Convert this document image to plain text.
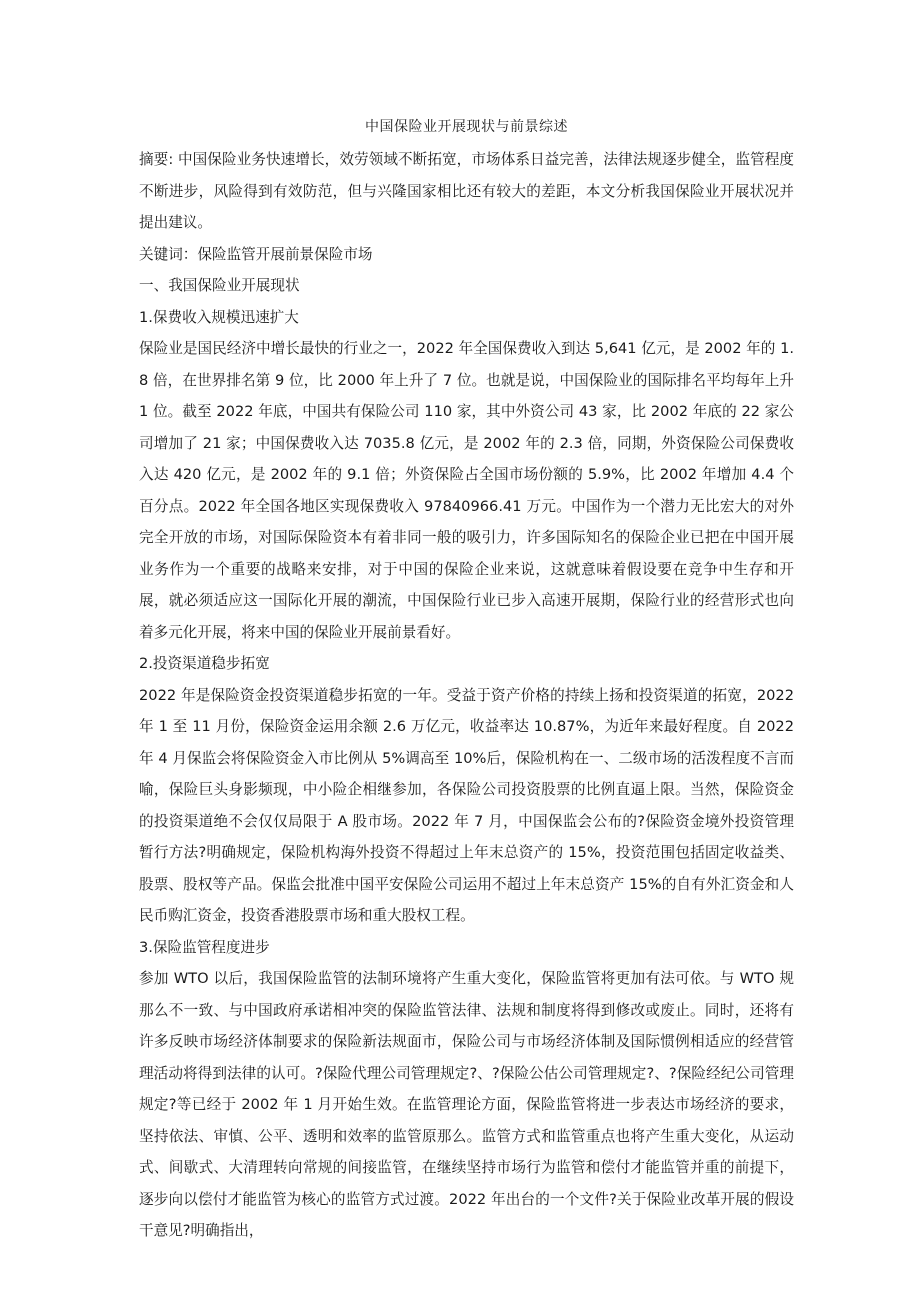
中国保险业开展现状与前景综述

摘要: 中国保险业务快速增长，效劳领域不断拓宽，市场体系日益完善，法律法规逐步健全，监管程度不断进步，风险得到有效防范，但与兴隆国家相比还有较大的差距，本文分析我国保险业开展状况并提出建议。

关键词：保险监管开展前景保险市场

一、我国保险业开展现状

1.保费收入规模迅速扩大

保险业是国民经济中增长最快的行业之一，2022 年全国保费收入到达 5,641 亿元，是 2002 年的 1.8 倍，在世界排名第 9 位，比 2000 年上升了 7 位。也就是说，中国保险业的国际排名平均每年上升 1 位。截至 2022 年底，中国共有保险公司 110 家，其中外资公司 43 家，比 2002 年底的 22 家公司增加了 21 家；中国保费收入达 7035.8 亿元，是 2002 年的 2.3 倍，同期，外资保险公司保费收入达 420 亿元，是 2002 年的 9.1 倍；外资保险占全国市场份额的 5.9%，比 2002 年增加 4.4 个百分点。2022 年全国各地区实现保费收入 97840966.41 万元。中国作为一个潜力无比宏大的对外完全开放的市场，对国际保险资本有着非同一般的吸引力，许多国际知名的保险企业已把在中国开展业务作为一个重要的战略来安排，对于中国的保险企业来说，这就意味着假设要在竞争中生存和开展，就必须适应这一国际化开展的潮流，中国保险行业已步入高速开展期，保险行业的经营形式也向着多元化开展，将来中国的保险业开展前景看好。

2.投资渠道稳步拓宽

2022 年是保险资金投资渠道稳步拓宽的一年。受益于资产价格的持续上扬和投资渠道的拓宽，2022 年 1 至 11 月份，保险资金运用余额 2.6 万亿元，收益率达 10.87%，为近年来最好程度。自 2022 年 4 月保监会将保险资金入市比例从 5%调高至 10%后，保险机构在一、二级市场的活泼程度不言而喻，保险巨头身影频现，中小险企相继参加，各保险公司投资股票的比例直逼上限。当然，保险资金的投资渠道绝不会仅仅局限于 A 股市场。2022 年 7 月，中国保监会公布的?保险资金境外投资管理暂行方法?明确规定，保险机构海外投资不得超过上年末总资产的 15%，投资范围包括固定收益类、股票、股权等产品。保监会批准中国平安保险公司运用不超过上年末总资产 15%的自有外汇资金和人民币购汇资金，投资香港股票市场和重大股权工程。

3.保险监管程度进步

参加 WTO 以后，我国保险监管的法制环境将产生重大变化，保险监管将更加有法可依。与 WTO 规那么不一致、与中国政府承诺相冲突的保险监管法律、法规和制度将得到修改或废止。同时，还将有许多反映市场经济体制要求的保险新法规面市，保险公司与市场经济体制及国际惯例相适应的经营管理活动将得到法律的认可。?保险代理公司管理规定?、?保险公估公司管理规定?、?保险经纪公司管理规定?等已经于 2002 年 1 月开始生效。在监管理论方面，保险监管将进一步表达市场经济的要求，坚持依法、审慎、公平、透明和效率的监管原那么。监管方式和监管重点也将产生重大变化，从运动式、间歇式、大清理转向常规的间接监管，在继续坚持市场行为监管和偿付才能监管并重的前提下，逐步向以偿付才能监管为核心的监管方式过渡。2022 年出台的一个文件?关于保险业改革开展的假设干意见?明确指出，
